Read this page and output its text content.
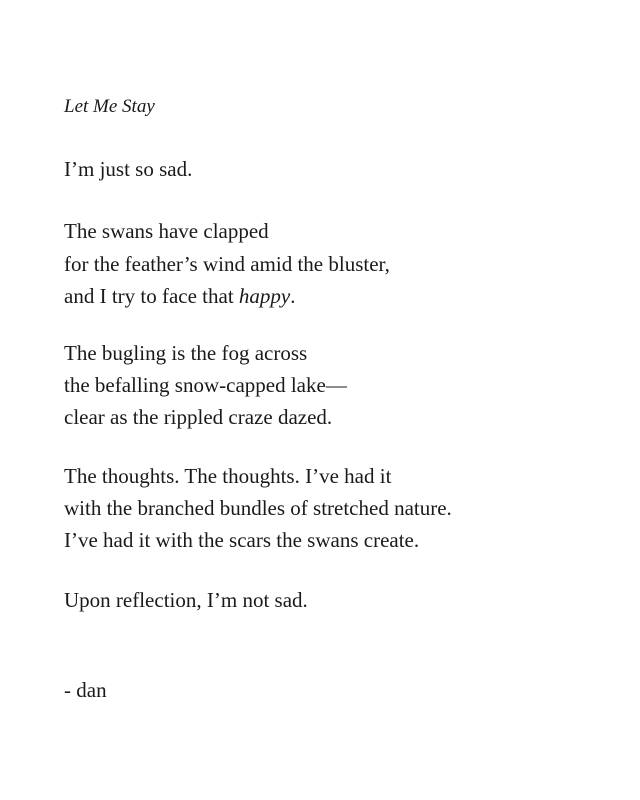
Let Me Stay

I’m just so sad.

The swans have clapped

for the feather’s wind amid the bluster,

and I try to face that happy.

The bugling is the fog across

the befalling snow-capped lake—

clear as the rippled craze dazed.

The thoughts. The thoughts. I’ve had it

with the branched bundles of stretched nature.

I’ve had it with the scars the swans create.

Upon reflection, I’m not sad.

- dan
